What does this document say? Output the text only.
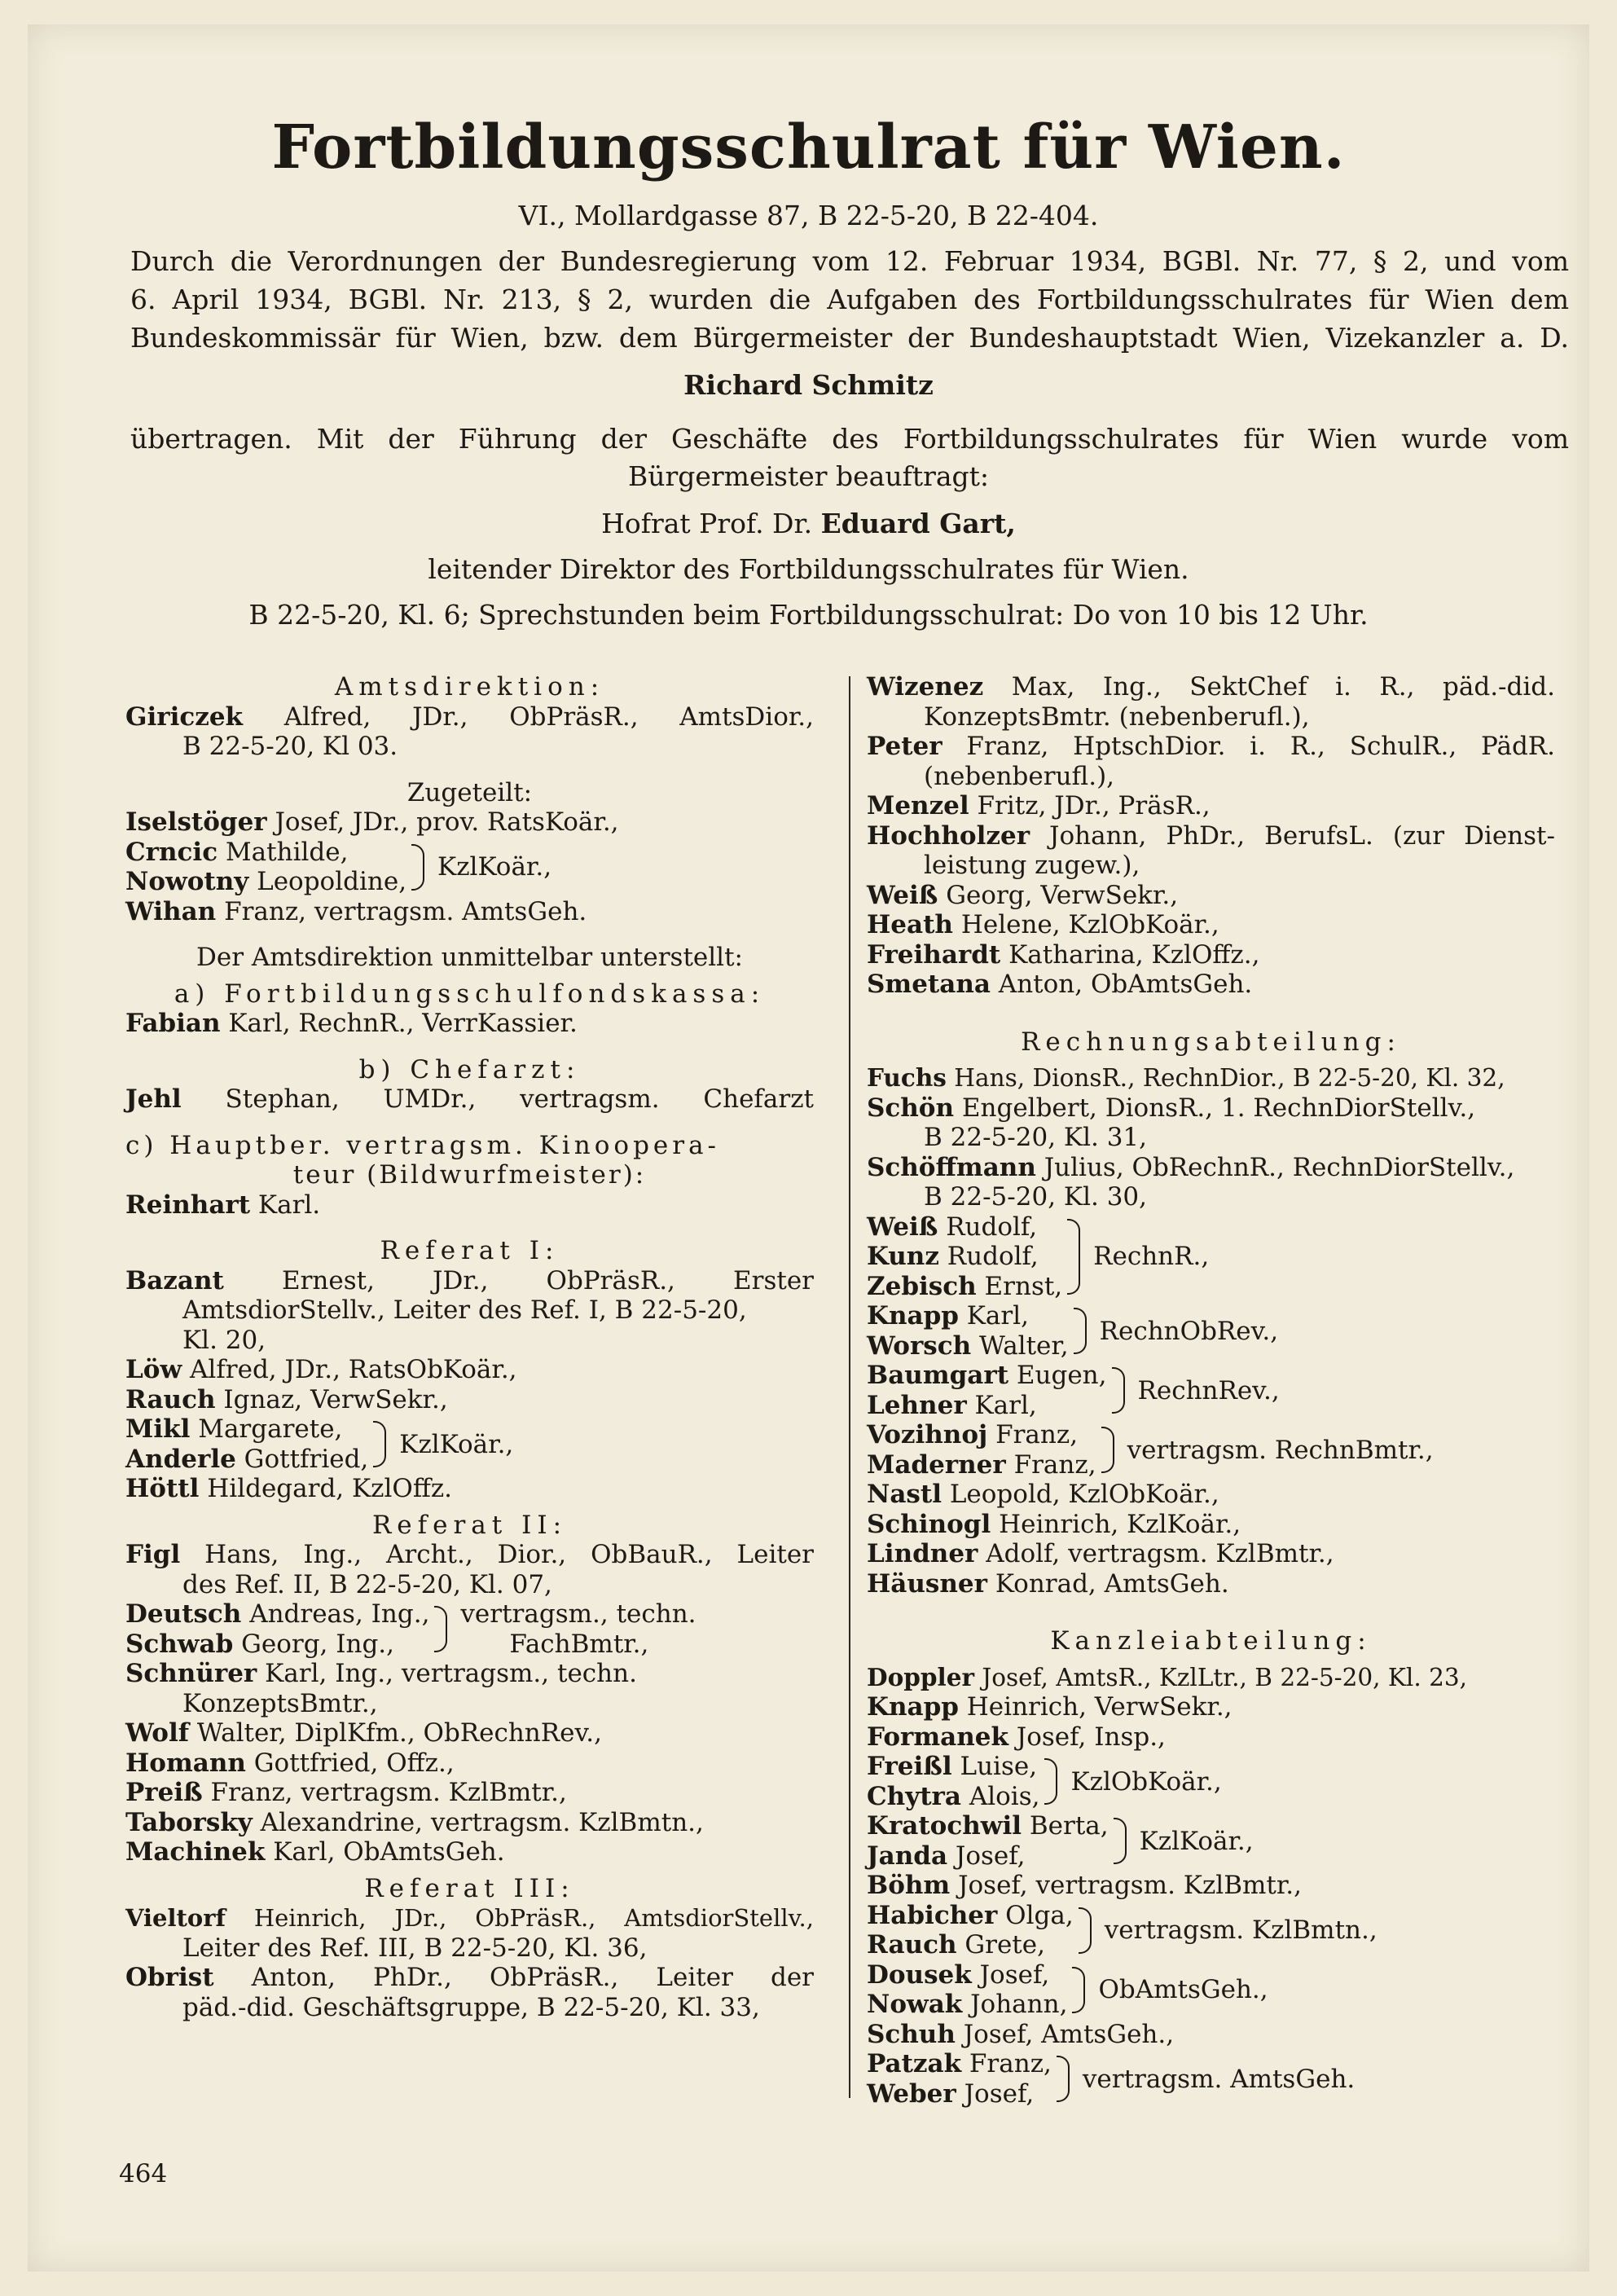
Fortbildungsschulrat für Wien.
VI., Mollardgasse 87, B 22-5-20, B 22-404.
Durch die Verordnungen der Bundesregierung vom 12. Februar 1934, BGBl. Nr. 77, § 2, und vom
6. April 1934, BGBl. Nr. 213, § 2, wurden die Aufgaben des Fortbildungsschulrates für Wien dem
Bundeskommissär für Wien, bzw. dem Bürgermeister der Bundeshauptstadt Wien, Vizekanzler a. D.
Richard Schmitz
übertragen. Mit der Führung der Geschäfte des Fortbildungsschulrates für Wien wurde vom
Bürgermeister beauftragt:
Hofrat Prof. Dr. Eduard Gart,
leitender Direktor des Fortbildungsschulrates für Wien.
B 22-5-20, Kl. 6; Sprechstunden beim Fortbildungsschulrat: Do von 10 bis 12 Uhr.
Amtsdirektion:
Giriczek Alfred, JDr., ObPräsR., AmtsDior.,
B 22-5-20, Kl 03.
Zugeteilt:
Iselstöger Josef, JDr., prov. RatsKoär.,
Crncic Mathilde,
Nowotny Leopoldine, KzlKoär.,
Wihan Franz, vertragsm. AmtsGeh.
Der Amtsdirektion unmittelbar unterstellt:
a) Fortbildungsschulfondskassa:
Fabian Karl, RechnR., VerrKassier.
b) Chefarzt:
Jehl Stephan, UMDr., vertragsm. Chefarzt
c) Hauptber. vertragsm. Kinoopera-
teur (Bildwurfmeister):
Reinhart Karl.
Referat I:
Bazant Ernest, JDr., ObPräsR., Erster
AmtsdiorStellv., Leiter des Ref. I, B 22-5-20,
Kl. 20,
Löw Alfred, JDr., RatsObKoär.,
Rauch Ignaz, VerwSekr.,
Mikl Margarete,
Anderle Gottfried, KzlKoär.,
Höttl Hildegard, KzlOffz.
Referat II:
Figl Hans, Ing., Archt., Dior., ObBauR., Leiter
des Ref. II, B 22-5-20, Kl. 07,
Deutsch Andreas, Ing.,
Schwab Georg, Ing.,
vertragsm., techn.
FachBmtr.,
Schnürer Karl, Ing., vertragsm., techn.
KonzeptsBmtr.,
Wolf Walter, DiplKfm., ObRechnRev.,
Homann Gottfried, Offz.,
Preiß Franz, vertragsm. KzlBmtr.,
Taborsky Alexandrine, vertragsm. KzlBmtn.,
Machinek Karl, ObAmtsGeh.
Referat III:
Vieltorf Heinrich, JDr., ObPräsR., AmtsdiorStellv.,
Leiter des Ref. III, B 22-5-20, Kl. 36,
Obrist Anton, PhDr., ObPräsR., Leiter der
päd.-did. Geschäftsgruppe, B 22-5-20, Kl. 33,
Wizenez Max, Ing., SektChef i. R., päd.-did.
KonzeptsBmtr. (nebenberufl.),
Peter Franz, HptschDior. i. R., SchulR., PädR.
(nebenberufl.),
Menzel Fritz, JDr., PräsR.,
Hochholzer Johann, PhDr., BerufsL. (zur Dienst-
leistung zugew.),
Weiß Georg, VerwSekr.,
Heath Helene, KzlObKoär.,
Freihardt Katharina, KzlOffz.,
Smetana Anton, ObAmtsGeh.
Rechnungsabteilung:
Fuchs Hans, DionsR., RechnDior., B 22-5-20, Kl. 32,
Schön Engelbert, DionsR., 1. RechnDiorStellv.,
B 22-5-20, Kl. 31,
Schöffmann Julius, ObRechnR., RechnDiorStellv.,
B 22-5-20, Kl. 30,
Weiß Rudolf,
Kunz Rudolf,
Zebisch Ernst,
RechnR.,
Knapp Karl,
Worsch Walter, RechnObRev.,
Baumgart Eugen,
Lehner Karl,	RechnRev.,
Vozihnoj Franz,
Maderner Franz, vertragsm. RechnBmtr.,
Nastl Leopold, KzlObKoär.,
Schinogl Heinrich, KzlKoär.,
Lindner Adolf, vertragsm. KzlBmtr.,
Häusner Konrad, AmtsGeh.
Kanzleiabteilung:
Doppler Josef, AmtsR., KzlLtr., B 22-5-20, Kl. 23,
Knapp Heinrich, VerwSekr.,
Formanek Josef, Insp.,
Freißl Luise,
Chytra Alois, KzlObKoär.,
Kratochwil Berta,
Janda Josef,	KzlKoär.,
Böhm Josef, vertragsm. KzlBmtr.,
Habicher Olga,
Rauch Grete,	vertragsm. KzlBmtn.,
Dousek Josef,
Nowak Johann, ObAmtsGeh.,
Schuh Josef, AmtsGeh.,
Patzak Franz,
Weber Josef,	vertragsm. AmtsGeh.
464
